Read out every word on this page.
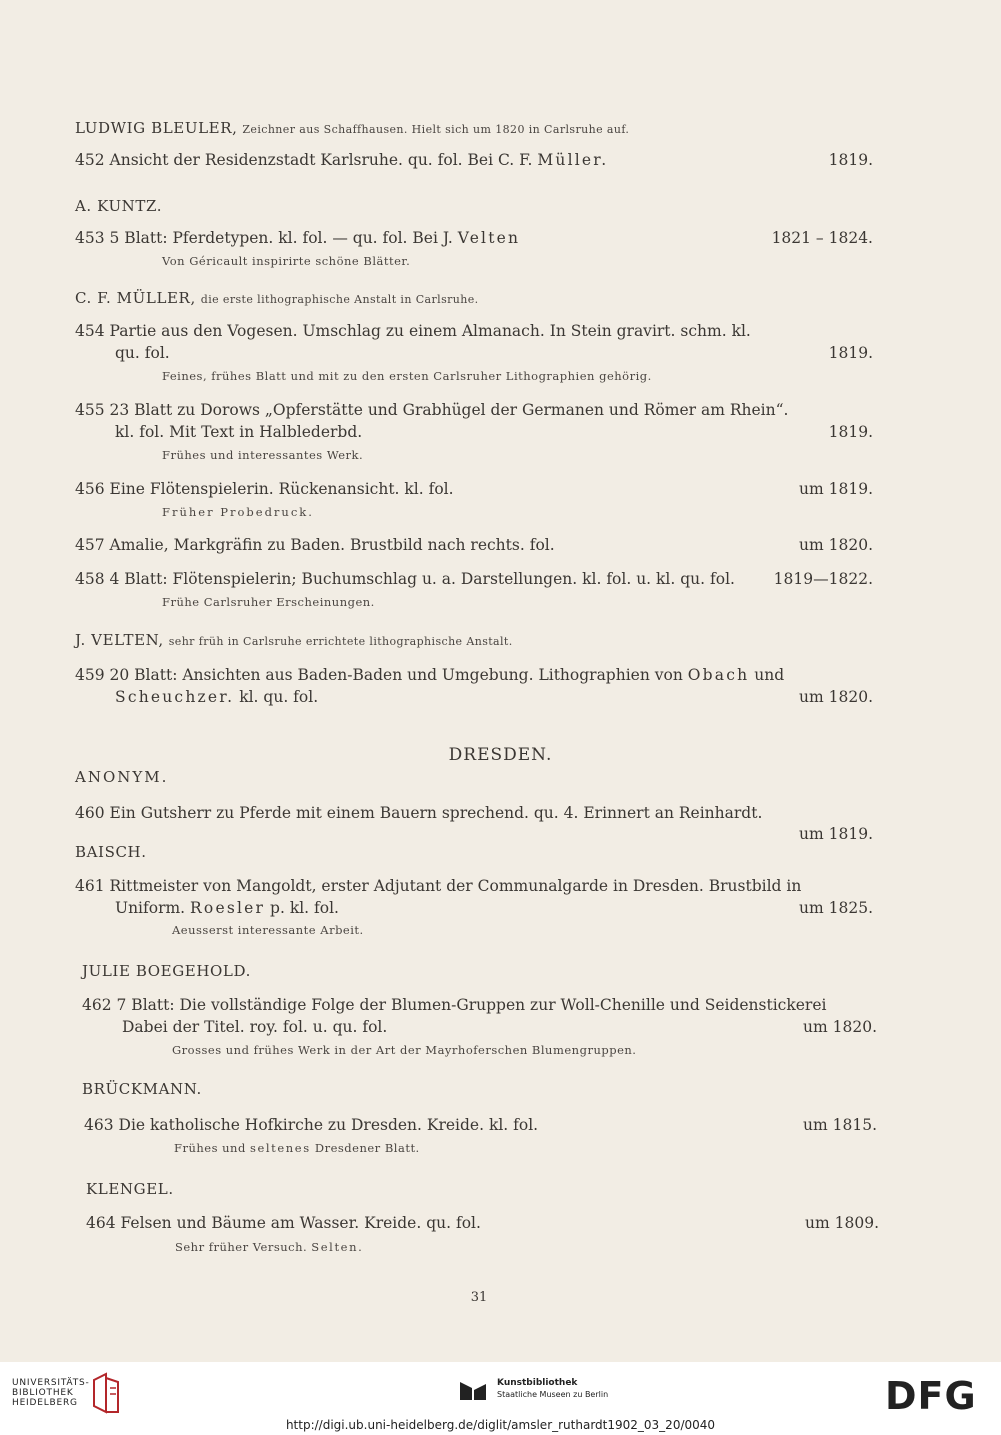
LUDWIG BLEULER, Zeichner aus Schaffhausen. Hielt sich um 1820 in Carlsruhe auf.
452 Ansicht der Residenzstadt Karlsruhe. qu. fol. Bei C. F. Müller.	1819.
A. KUNTZ.
453 5 Blatt: Pferdetypen. kl. fol. — qu. fol. Bei J. Velten	1821 – 1824.
Von Géricault inspirirte schöne Blätter.
C. F. MÜLLER, die erste lithographische Anstalt in Carlsruhe.
454 Partie aus den Vogesen. Umschlag zu einem Almanach. In Stein gravirt. schm. kl.
qu. fol.	1819.
Feines, frühes Blatt und mit zu den ersten Carlsruher Lithographien gehörig.
455 23 Blatt zu Dorows „Opferstätte und Grabhügel der Germanen und Römer am Rhein“.
kl. fol. Mit Text in Halblederbd.	1819.
Frühes und interessantes Werk.
456 Eine Flötenspielerin. Rückenansicht. kl. fol.	um 1819.
Früher Probedruck.
457 Amalie, Markgräfin zu Baden. Brustbild nach rechts. fol.	um 1820.
458 4 Blatt: Flötenspielerin; Buchumschlag u. a. Darstellungen. kl. fol. u. kl. qu. fol. 1819—1822.
Frühe Carlsruher Erscheinungen.
J. VELTEN, sehr früh in Carlsruhe errichtete lithographische Anstalt.
459 20 Blatt: Ansichten aus Baden-Baden und Umgebung. Lithographien von Obach und
Scheuchzer. kl. qu. fol.	um 1820.
DRESDEN.
ANONYM.
460 Ein Gutsherr zu Pferde mit einem Bauern sprechend. qu. 4. Erinnert an Reinhardt.
um 1819.
BAISCH.
461 Rittmeister von Mangoldt, erster Adjutant der Communalgarde in Dresden. Brustbild in
Uniform. Roesler p. kl. fol.	um 1825.
Aeusserst interessante Arbeit.
JULIE BOEGEHOLD.
462 7 Blatt: Die vollständige Folge der Blumen-Gruppen zur Woll-Chenille und Seidenstickerei
Dabei der Titel. roy. fol. u. qu. fol.	um 1820.
Grosses und frühes Werk in der Art der Mayrhoferschen Blumengruppen.
BRÜCKMANN.
463 Die katholische Hofkirche zu Dresden. Kreide. kl. fol.	um 1815.
Frühes und seltenes Dresdener Blatt.
KLENGEL.
464 Felsen und Bäume am Wasser. Kreide. qu. fol.	um 1809.
Sehr früher Versuch. Selten.
31
UNIVERSITÄTS-
BIBLIOTHEK
HEIDELBERG
Kunstbibliothek
Staatliche Museen zu Berlin	DFG
http://digi.ub.uni-heidelberg.de/diglit/amsler_ruthardt1902_03_20/0040
